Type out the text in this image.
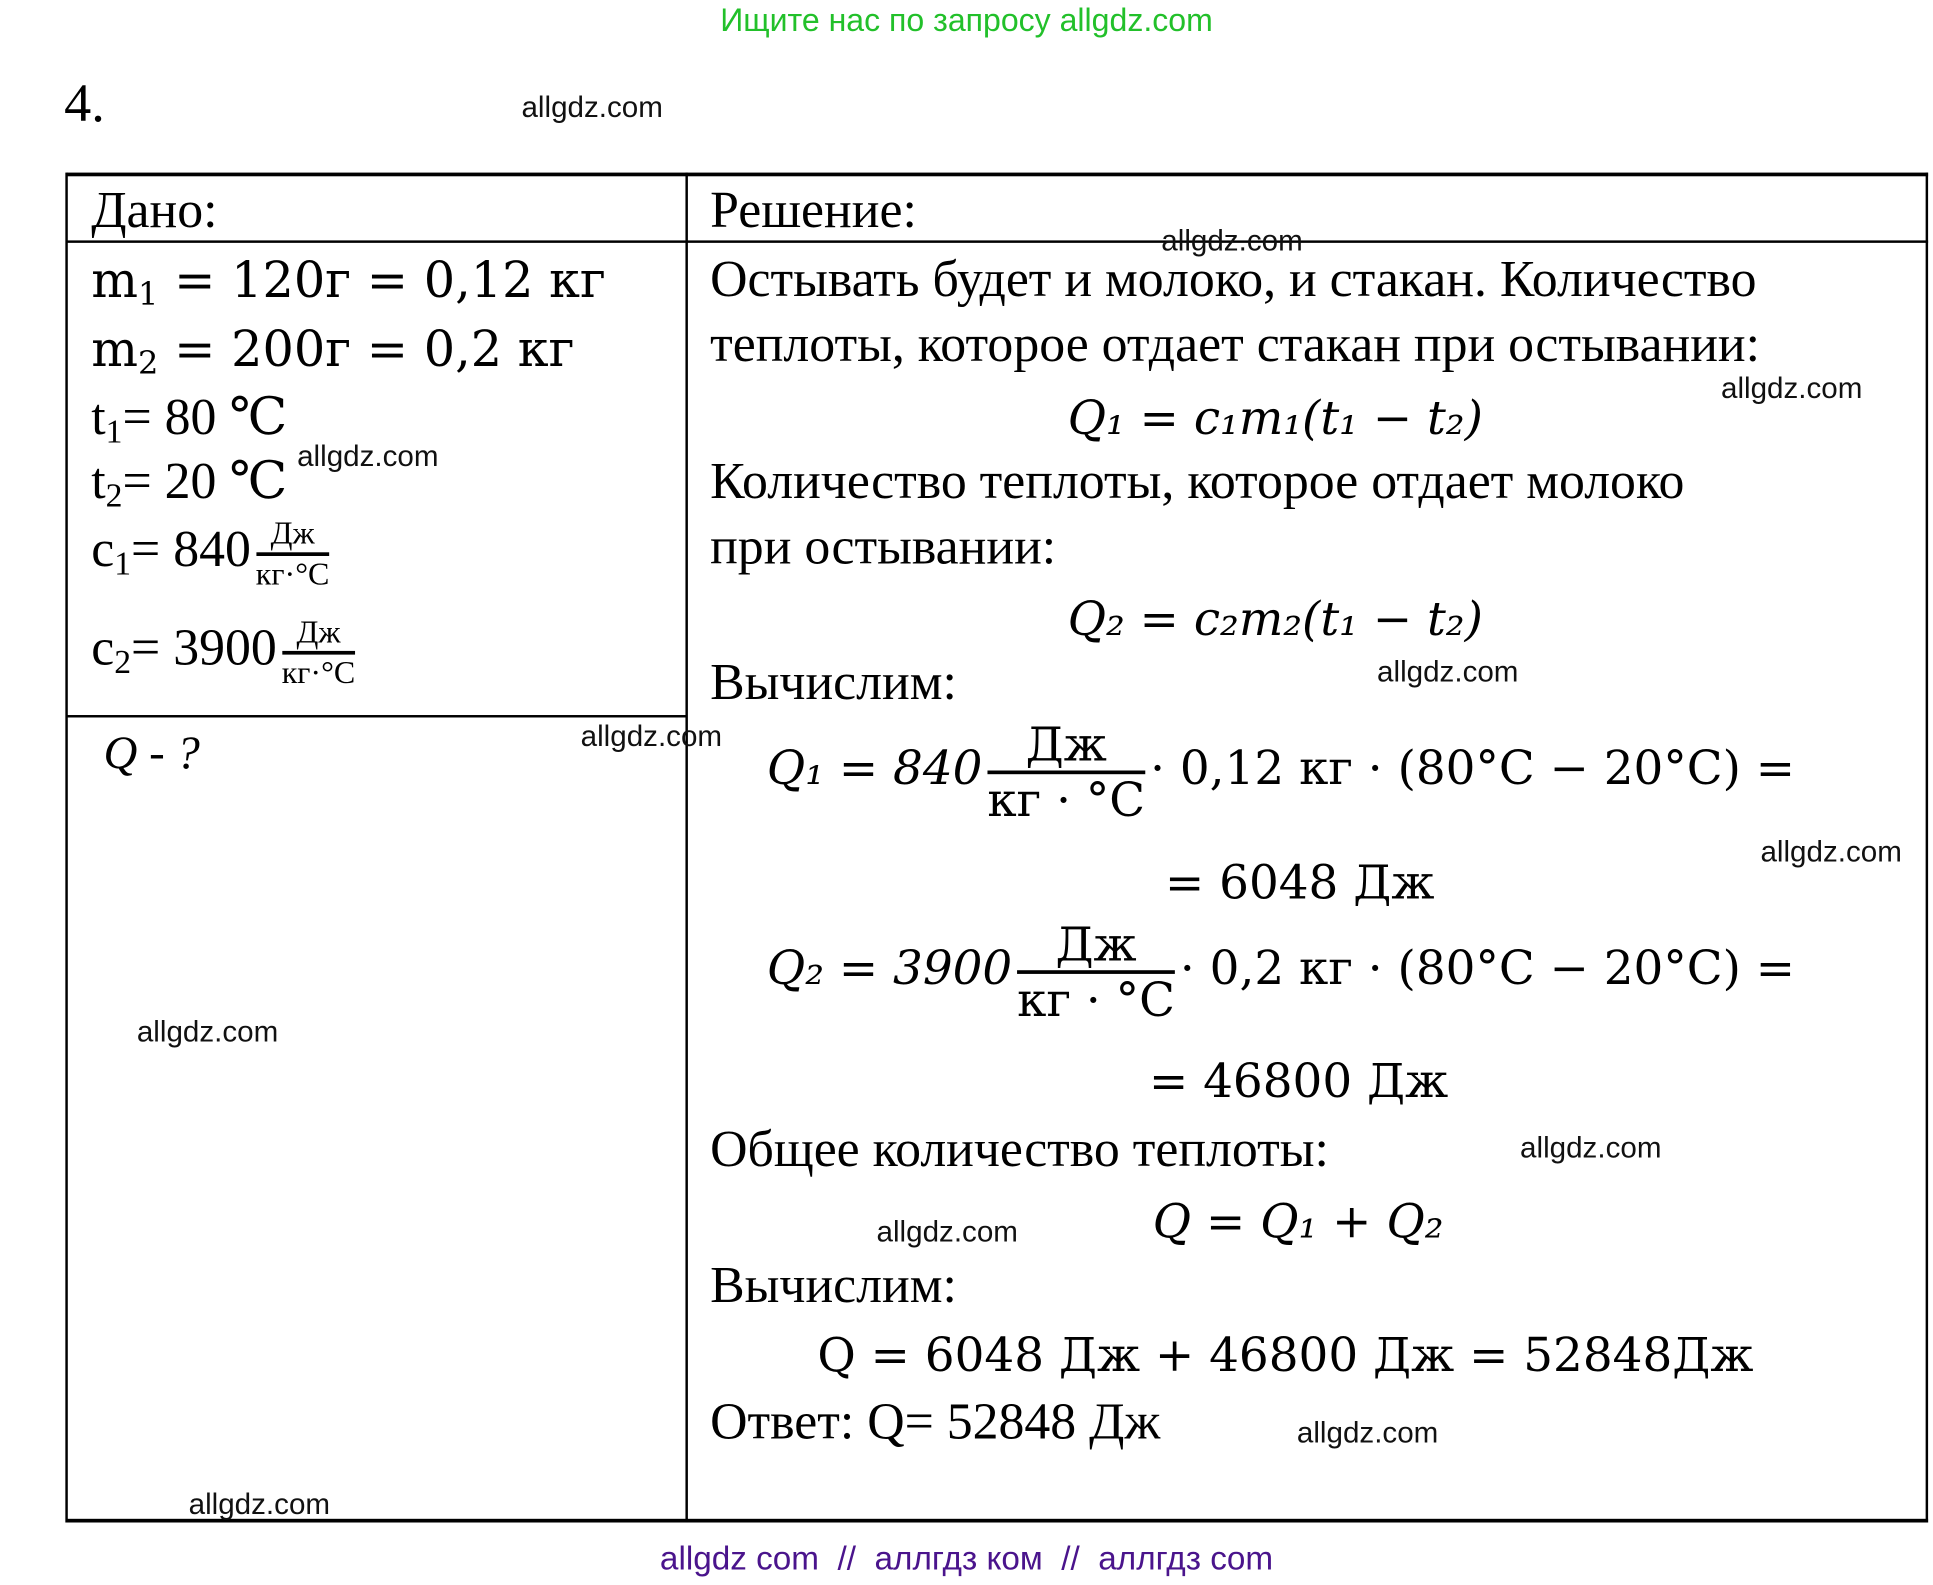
Ищите нас по запросу allgdz.com
4.
Дано:	Решение:
$m_1 = 120г = 0,12$ кг
$m_2 = 200г = 0,2$ кг
$t_1= 80$ ℃
$t_2= 20$ ℃
$c_1= 840 \frac{Дж}{кг\cdot^\circ C}$
$c_2= 3900 \frac{Дж}{кг\cdot^\circ C}$
Q - ?
Остывать будет и молоко, и стакан. Количество
теплоты, которое отдает стакан при остывании:
Q₁ = c₁m₁(t₁ − t₂)
Количество теплоты, которое отдает молоко
при остывании:
Q₂ = c₂m₂(t₁ − t₂)
Вычислим:
$Q_1 = 840 \frac{Дж}{кг \cdot ^\circ C} \cdot 0,12$ кг · (80°C − 20°C) =
= 6048 Дж
$Q_2 = 3900 \frac{Дж}{кг \cdot ^\circ C} \cdot 0,2$ кг · (80°C − 20°C) =
= 46800 Дж
Общее количество теплоты:
Q = Q₁ + Q₂
Вычислим:
Q = 6048 Дж + 46800 Дж = 52848Дж
Ответ: Q= 52848 Дж
allgdz.com
allgdz.com
allgdz.com
allgdz.com
allgdz.com
allgdz.com
allgdz.com
allgdz.com
allgdz.com
allgdz.com
allgdz.com
allgdz.com
allgdz com  //  аллгдз ком  //  аллгдз com
